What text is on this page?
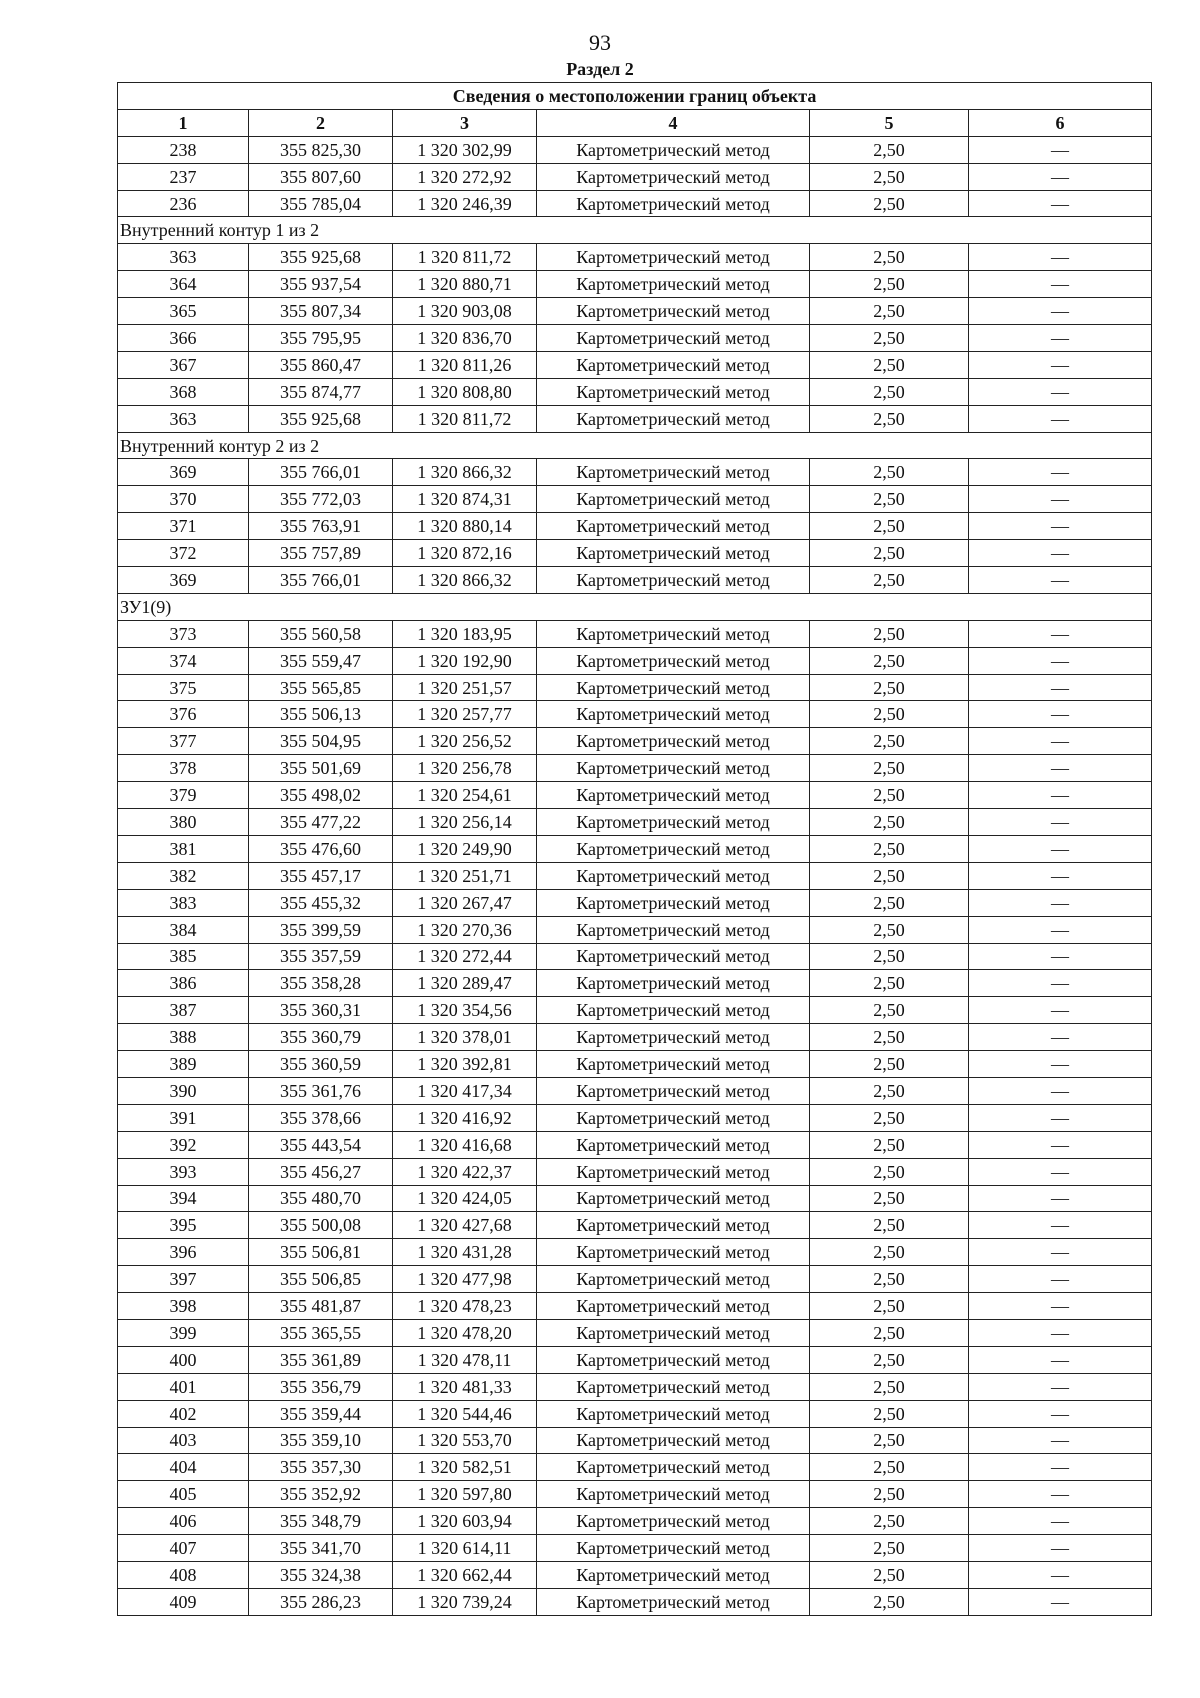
93
Раздел 2
Сведения о местоположении границ объекта					
1	2	3	4	5	6
238	355 825,30	1 320 302,99	Картометрический метод	2,50	—
237	355 807,60	1 320 272,92	Картометрический метод	2,50	—
236	355 785,04	1 320 246,39	Картометрический метод	2,50	—
Внутренний контур 1 из 2					
363	355 925,68	1 320 811,72	Картометрический метод	2,50	—
364	355 937,54	1 320 880,71	Картометрический метод	2,50	—
365	355 807,34	1 320 903,08	Картометрический метод	2,50	—
366	355 795,95	1 320 836,70	Картометрический метод	2,50	—
367	355 860,47	1 320 811,26	Картометрический метод	2,50	—
368	355 874,77	1 320 808,80	Картометрический метод	2,50	—
363	355 925,68	1 320 811,72	Картометрический метод	2,50	—
Внутренний контур 2 из 2					
369	355 766,01	1 320 866,32	Картометрический метод	2,50	—
370	355 772,03	1 320 874,31	Картометрический метод	2,50	—
371	355 763,91	1 320 880,14	Картометрический метод	2,50	—
372	355 757,89	1 320 872,16	Картометрический метод	2,50	—
369	355 766,01	1 320 866,32	Картометрический метод	2,50	—
ЗУ1(9)					
373	355 560,58	1 320 183,95	Картометрический метод	2,50	—
374	355 559,47	1 320 192,90	Картометрический метод	2,50	—
375	355 565,85	1 320 251,57	Картометрический метод	2,50	—
376	355 506,13	1 320 257,77	Картометрический метод	2,50	—
377	355 504,95	1 320 256,52	Картометрический метод	2,50	—
378	355 501,69	1 320 256,78	Картометрический метод	2,50	—
379	355 498,02	1 320 254,61	Картометрический метод	2,50	—
380	355 477,22	1 320 256,14	Картометрический метод	2,50	—
381	355 476,60	1 320 249,90	Картометрический метод	2,50	—
382	355 457,17	1 320 251,71	Картометрический метод	2,50	—
383	355 455,32	1 320 267,47	Картометрический метод	2,50	—
384	355 399,59	1 320 270,36	Картометрический метод	2,50	—
385	355 357,59	1 320 272,44	Картометрический метод	2,50	—
386	355 358,28	1 320 289,47	Картометрический метод	2,50	—
387	355 360,31	1 320 354,56	Картометрический метод	2,50	—
388	355 360,79	1 320 378,01	Картометрический метод	2,50	—
389	355 360,59	1 320 392,81	Картометрический метод	2,50	—
390	355 361,76	1 320 417,34	Картометрический метод	2,50	—
391	355 378,66	1 320 416,92	Картометрический метод	2,50	—
392	355 443,54	1 320 416,68	Картометрический метод	2,50	—
393	355 456,27	1 320 422,37	Картометрический метод	2,50	—
394	355 480,70	1 320 424,05	Картометрический метод	2,50	—
395	355 500,08	1 320 427,68	Картометрический метод	2,50	—
396	355 506,81	1 320 431,28	Картометрический метод	2,50	—
397	355 506,85	1 320 477,98	Картометрический метод	2,50	—
398	355 481,87	1 320 478,23	Картометрический метод	2,50	—
399	355 365,55	1 320 478,20	Картометрический метод	2,50	—
400	355 361,89	1 320 478,11	Картометрический метод	2,50	—
401	355 356,79	1 320 481,33	Картометрический метод	2,50	—
402	355 359,44	1 320 544,46	Картометрический метод	2,50	—
403	355 359,10	1 320 553,70	Картометрический метод	2,50	—
404	355 357,30	1 320 582,51	Картометрический метод	2,50	—
405	355 352,92	1 320 597,80	Картометрический метод	2,50	—
406	355 348,79	1 320 603,94	Картометрический метод	2,50	—
407	355 341,70	1 320 614,11	Картометрический метод	2,50	—
408	355 324,38	1 320 662,44	Картометрический метод	2,50	—
409	355 286,23	1 320 739,24	Картометрический метод	2,50	—
